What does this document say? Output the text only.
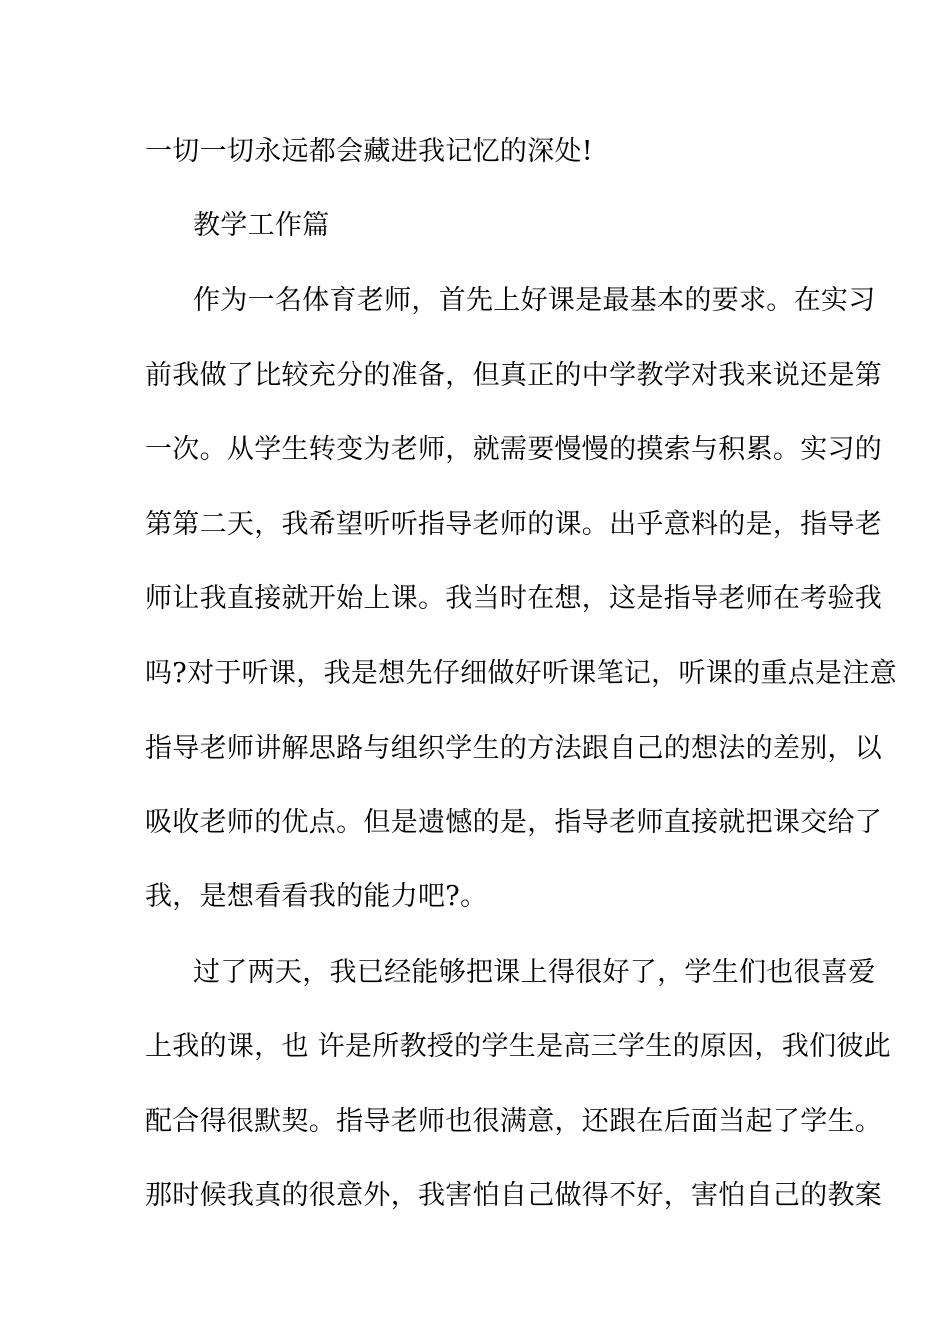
一切一切永远都会藏进我记忆的深处!
教学工作篇
作为一名体育老师，首先上好课是最基本的要求。在实习
前我做了比较充分的准备，但真正的中学教学对我来说还是第
一次。从学生转变为老师，就需要慢慢的摸索与积累。实习的
第第二天，我希望听听指导老师的课。出乎意料的是，指导老
师让我直接就开始上课。我当时在想，这是指导老师在考验我
吗?对于听课，我是想先仔细做好听课笔记，听课的重点是注意
指导老师讲解思路与组织学生的方法跟自己的想法的差别，以
吸收老师的优点。但是遗憾的是，指导老师直接就把课交给了
我，是想看看我的能力吧?。
过了两天，我已经能够把课上得很好了，学生们也很喜爱
上我的课，也 许是所教授的学生是高三学生的原因，我们彼此
配合得很默契。指导老师也很满意，还跟在后面当起了学生。
那时候我真的很意外，我害怕自己做得不好，害怕自己的教案
